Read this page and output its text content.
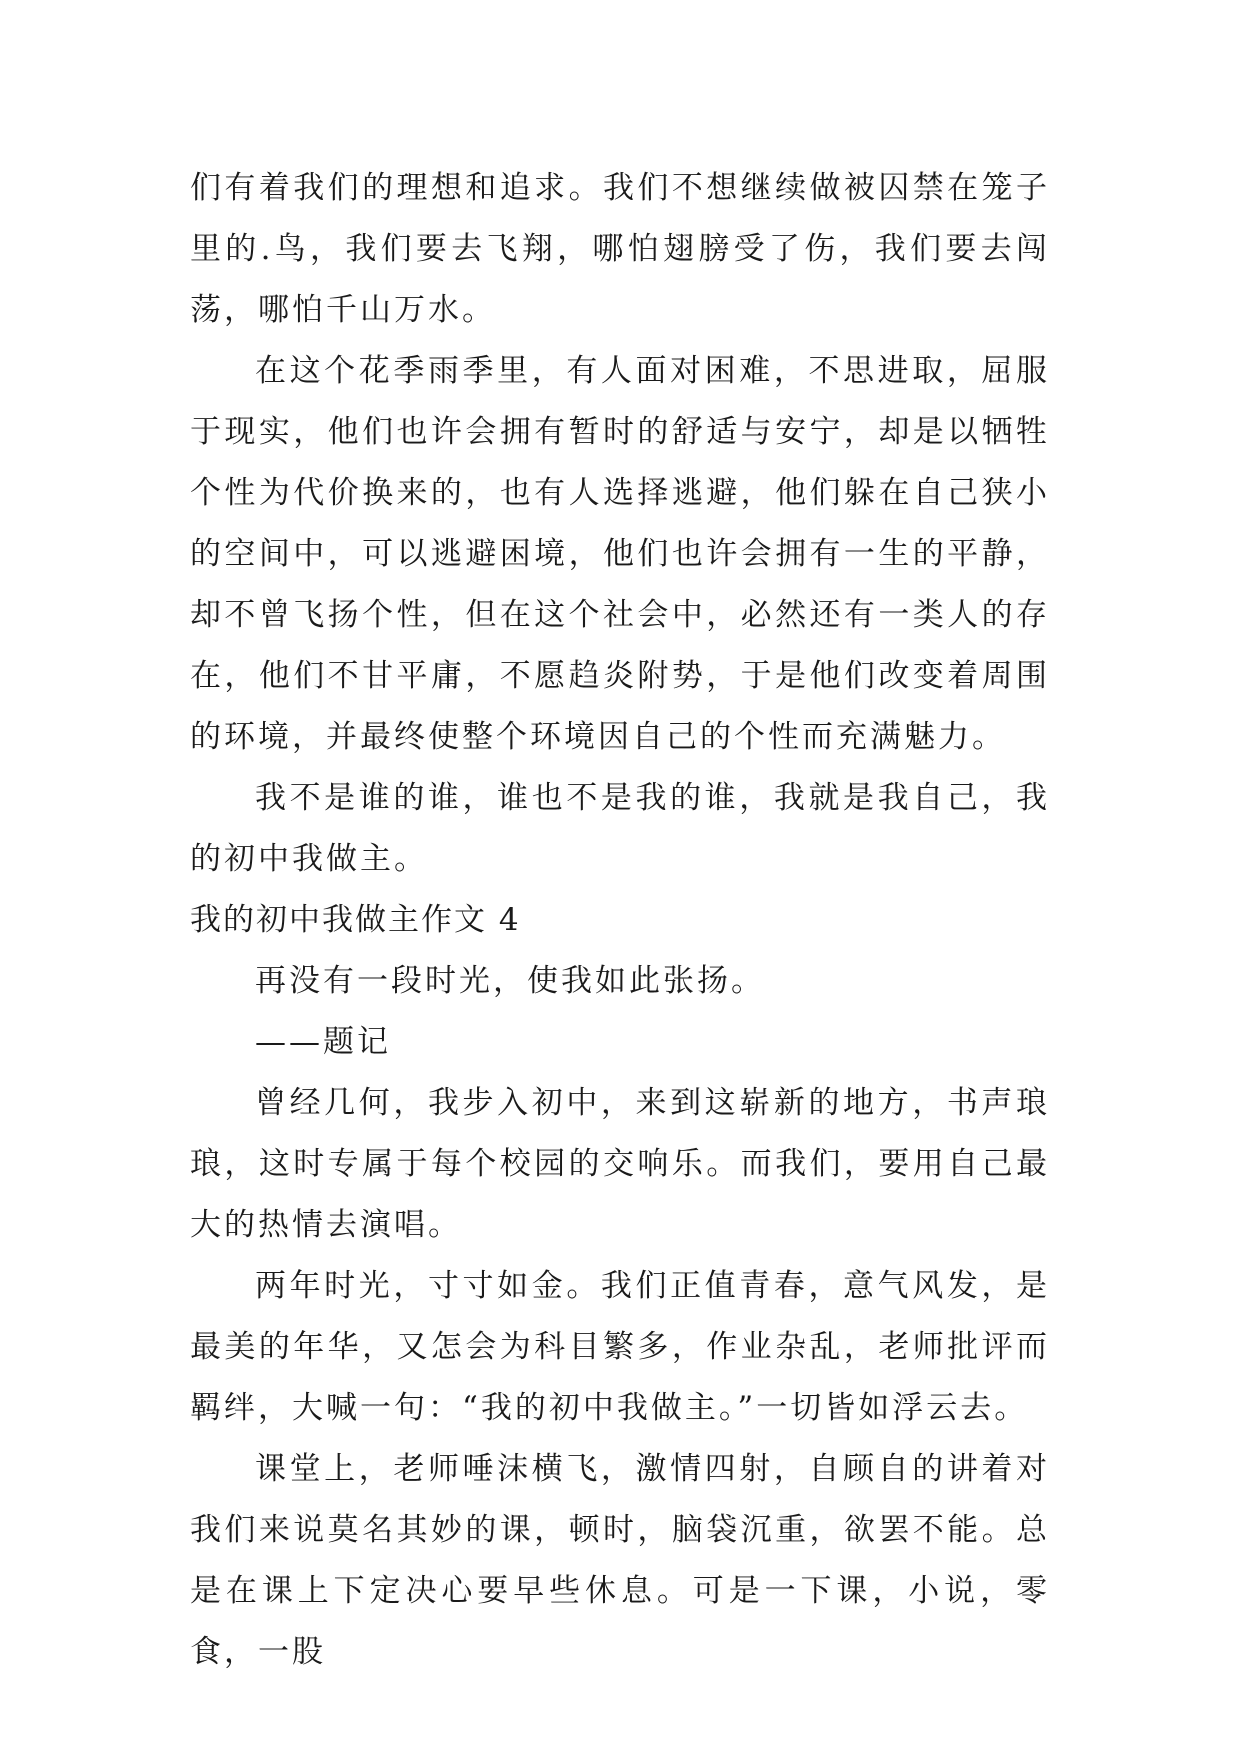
们有着我们的理想和追求。我们不想继续做被囚禁在笼子里的.鸟，我们要去飞翔，哪怕翅膀受了伤，我们要去闯荡，哪怕千山万水。

在这个花季雨季里，有人面对困难，不思进取，屈服于现实，他们也许会拥有暂时的舒适与安宁，却是以牺牲个性为代价换来的，也有人选择逃避，他们躲在自己狭小的空间中，可以逃避困境，他们也许会拥有一生的平静，却不曾飞扬个性，但在这个社会中，必然还有一类人的存在，他们不甘平庸，不愿趋炎附势，于是他们改变着周围的环境，并最终使整个环境因自己的个性而充满魅力。

我不是谁的谁，谁也不是我的谁，我就是我自己，我的初中我做主。

我的初中我做主作文 4

再没有一段时光，使我如此张扬。

——题记

曾经几何，我步入初中，来到这崭新的地方，书声琅琅，这时专属于每个校园的交响乐。而我们，要用自己最大的热情去演唱。

两年时光，寸寸如金。我们正值青春，意气风发，是最美的年华，又怎会为科目繁多，作业杂乱，老师批评而羁绊，大喊一句：“我的初中我做主。”一切皆如浮云去。

课堂上，老师唾沫横飞，激情四射，自顾自的讲着对我们来说莫名其妙的课，顿时，脑袋沉重，欲罢不能。总是在课上下定决心要早些休息。可是一下课，小说，零食，一股
